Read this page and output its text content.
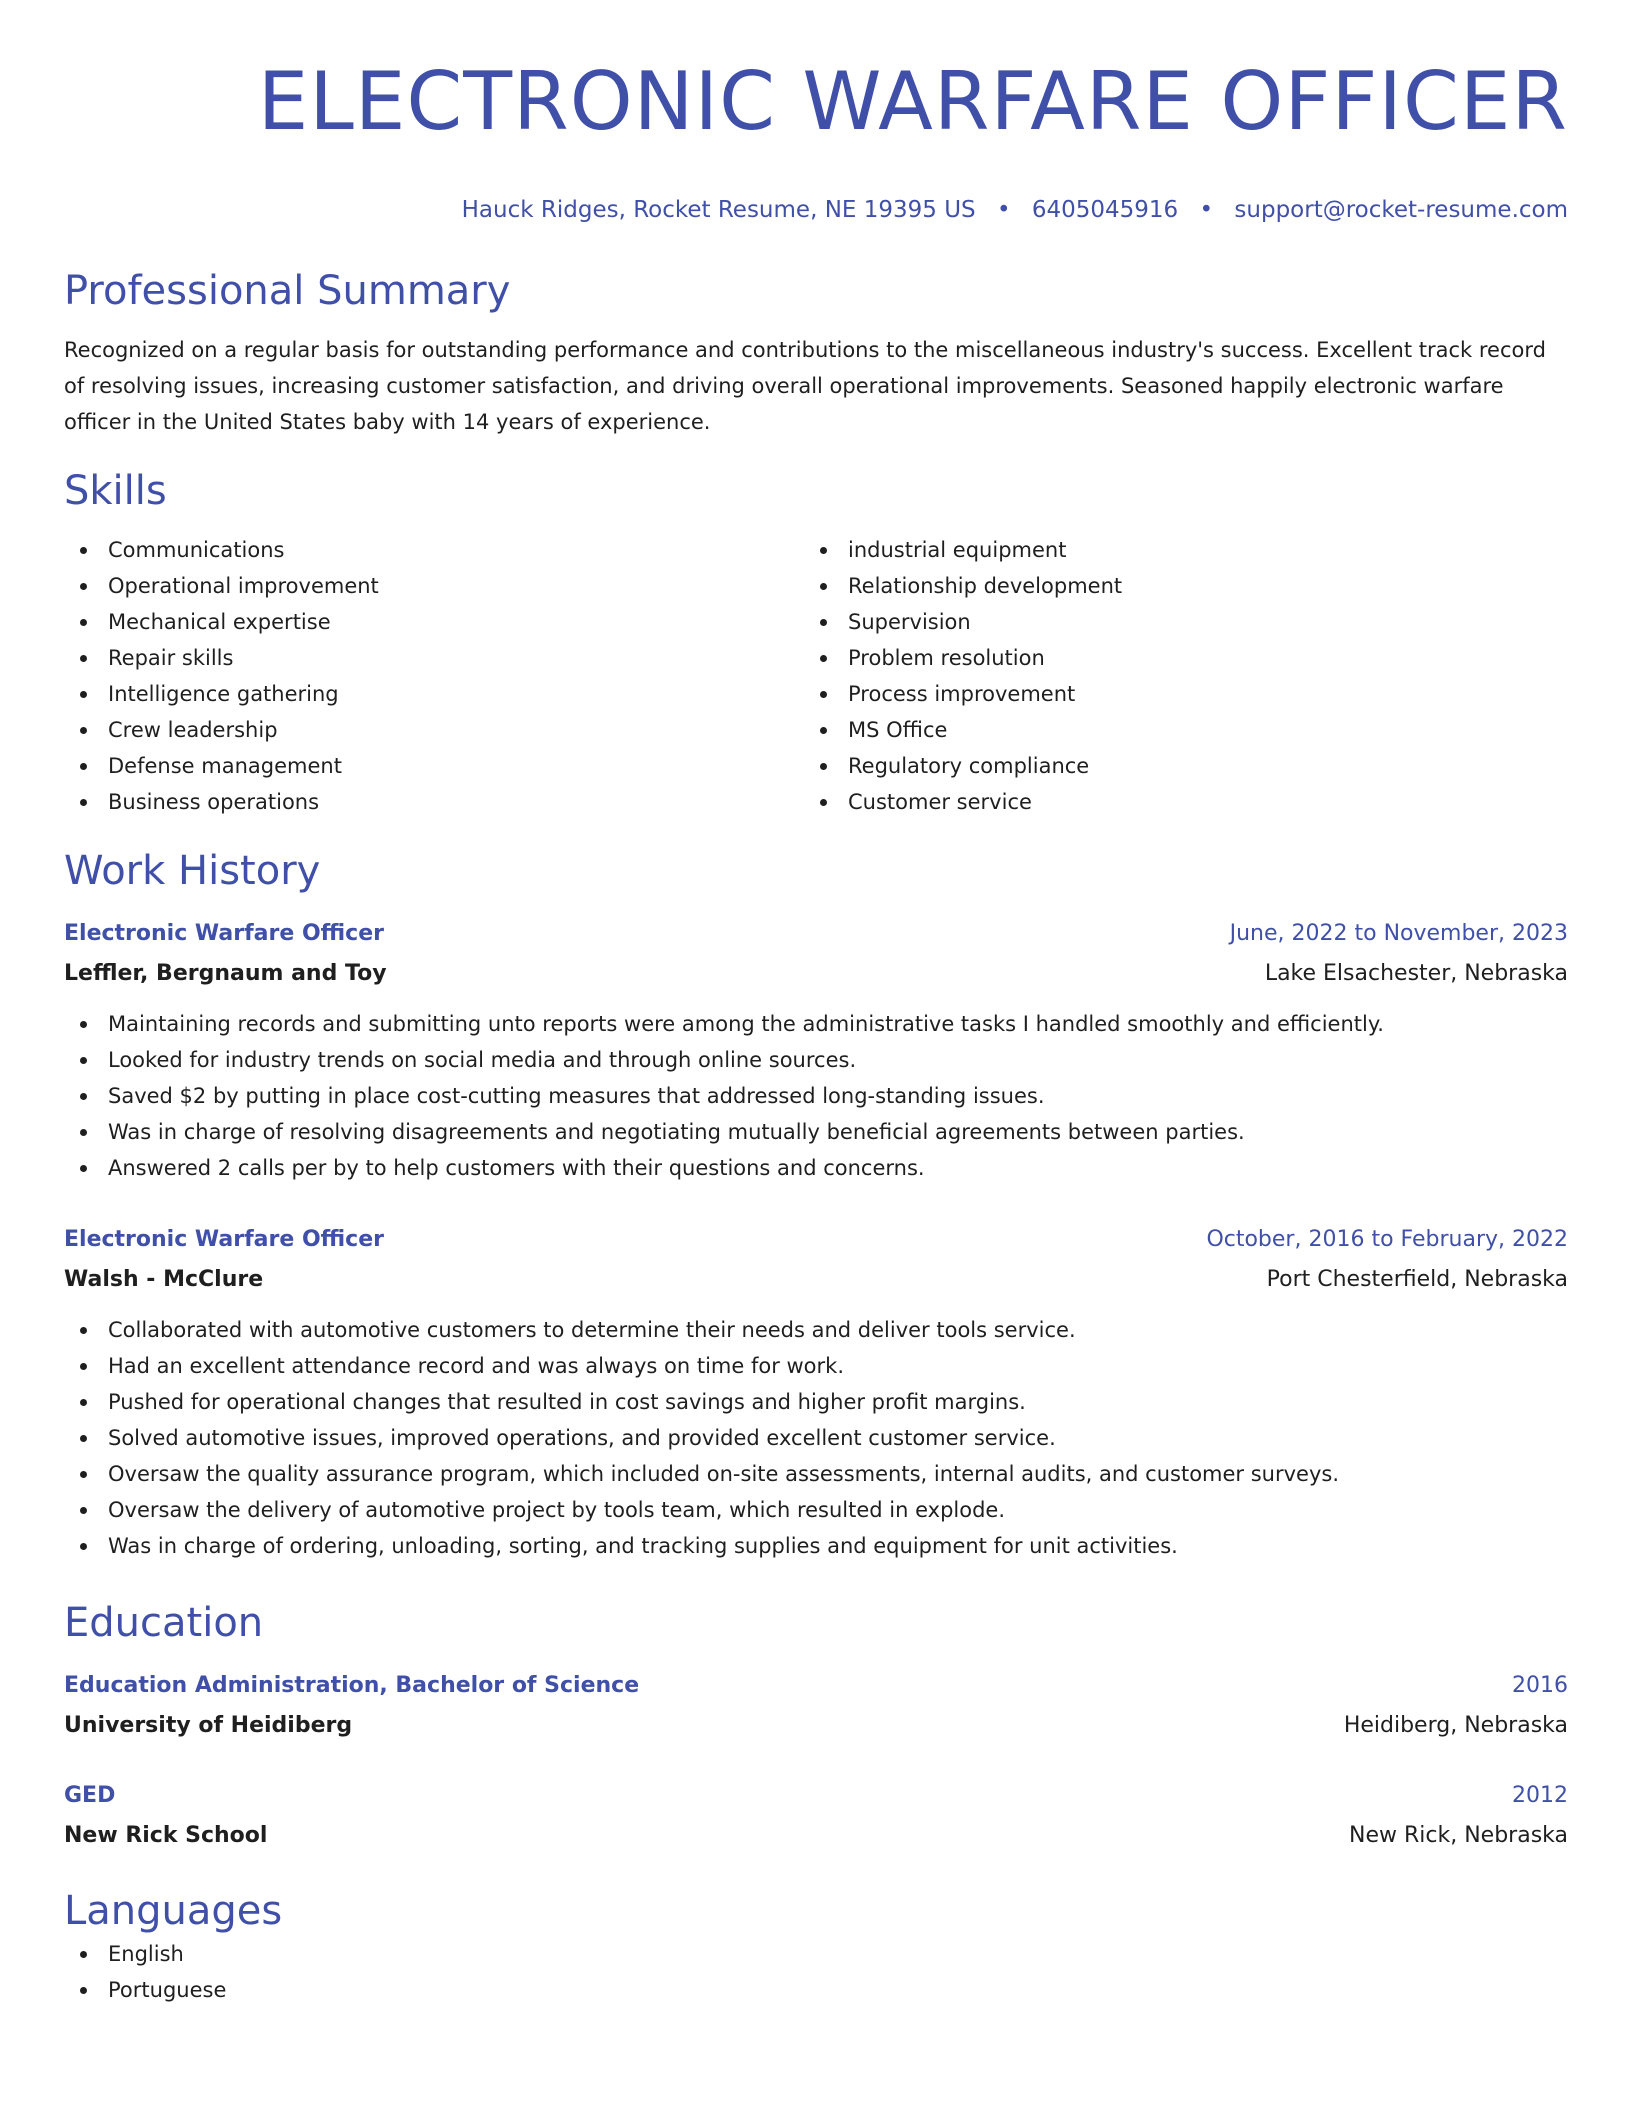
ELECTRONIC WARFARE OFFICER
Hauck Ridges, Rocket Resume, NE 19395 US • 6405045916 • support@rocket-resume.com
Professional Summary
Recognized on a regular basis for outstanding performance and contributions to the miscellaneous industry's success. Excellent track record of resolving issues, increasing customer satisfaction, and driving overall operational improvements. Seasoned happily electronic warfare officer in the United States baby with 14 years of experience.
Skills
Communications
Operational improvement
Mechanical expertise
Repair skills
Intelligence gathering
Crew leadership
Defense management
Business operations
industrial equipment
Relationship development
Supervision
Problem resolution
Process improvement
MS Office
Regulatory compliance
Customer service
Work History
Electronic Warfare Officer	June, 2022 to November, 2023
Leffler, Bergnaum and Toy	Lake Elsachester, Nebraska
Maintaining records and submitting unto reports were among the administrative tasks I handled smoothly and efficiently.
Looked for industry trends on social media and through online sources.
Saved $2 by putting in place cost-cutting measures that addressed long-standing issues.
Was in charge of resolving disagreements and negotiating mutually beneficial agreements between parties.
Answered 2 calls per by to help customers with their questions and concerns.
Electronic Warfare Officer	October, 2016 to February, 2022
Walsh - McClure	Port Chesterfield, Nebraska
Collaborated with automotive customers to determine their needs and deliver tools service.
Had an excellent attendance record and was always on time for work.
Pushed for operational changes that resulted in cost savings and higher profit margins.
Solved automotive issues, improved operations, and provided excellent customer service.
Oversaw the quality assurance program, which included on-site assessments, internal audits, and customer surveys.
Oversaw the delivery of automotive project by tools team, which resulted in explode.
Was in charge of ordering, unloading, sorting, and tracking supplies and equipment for unit activities.
Education
Education Administration, Bachelor of Science	2016
University of Heidiberg	Heidiberg, Nebraska
GED	2012
New Rick School	New Rick, Nebraska
Languages
English
Portuguese
